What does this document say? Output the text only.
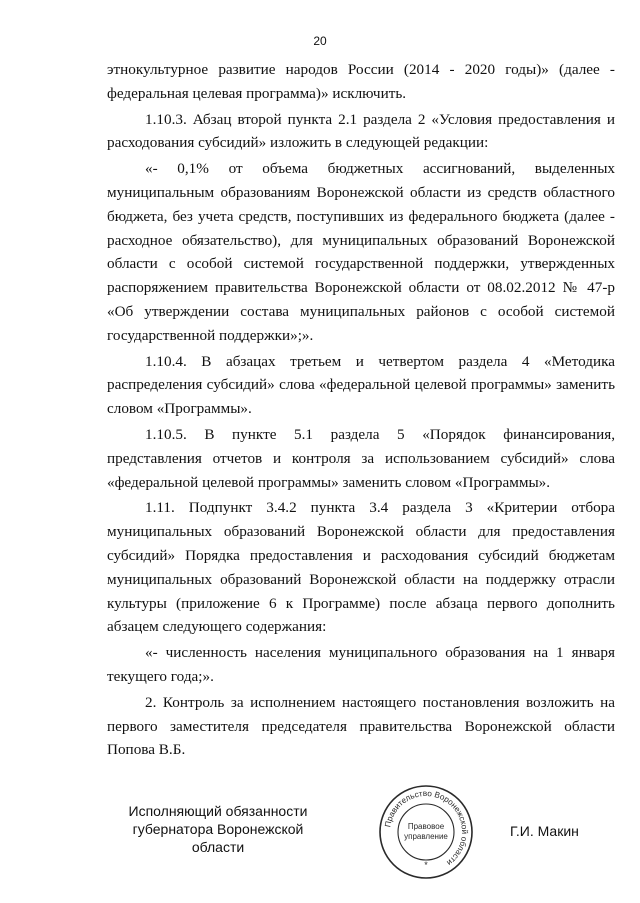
20

этнокультурное развитие народов России (2014 - 2020 годы)» (далее - федеральная целевая программа)» исключить.

1.10.3. Абзац второй пункта 2.1 раздела 2 «Условия предоставления и расходования субсидий» изложить в следующей редакции:

«- 0,1% от объема бюджетных ассигнований, выделенных муниципальным образованиям Воронежской области из средств областного бюджета, без учета средств, поступивших из федерального бюджета (далее - расходное обязательство), для муниципальных образований Воронежской области с особой системой государственной поддержки, утвержденных распоряжением правительства Воронежской области от 08.02.2012 № 47-р «Об утверждении состава муниципальных районов с особой системой государственной поддержки»;».

1.10.4. В абзацах третьем и четвертом раздела 4 «Методика распределения субсидий» слова «федеральной целевой программы» заменить словом «Программы».

1.10.5. В пункте 5.1 раздела 5 «Порядок финансирования, представления отчетов и контроля за использованием субсидий» слова «федеральной целевой программы» заменить словом «Программы».

1.11. Подпункт 3.4.2 пункта 3.4 раздела 3 «Критерии отбора муниципальных образований Воронежской области для предоставления субсидий» Порядка предоставления и расходования субсидий бюджетам муниципальных образований Воронежской области на поддержку отрасли культуры (приложение 6 к Программе) после абзаца первого дополнить абзацем следующего содержания:

«- численность населения муниципального образования на 1 января текущего года;».

2. Контроль за исполнением настоящего постановления возложить на первого заместителя председателя правительства Воронежской области Попова В.Б.

Исполняющий обязанности
губернатора Воронежской области
Правительство Воронежской области
Правовое
управление
*
Г.И. Макин
